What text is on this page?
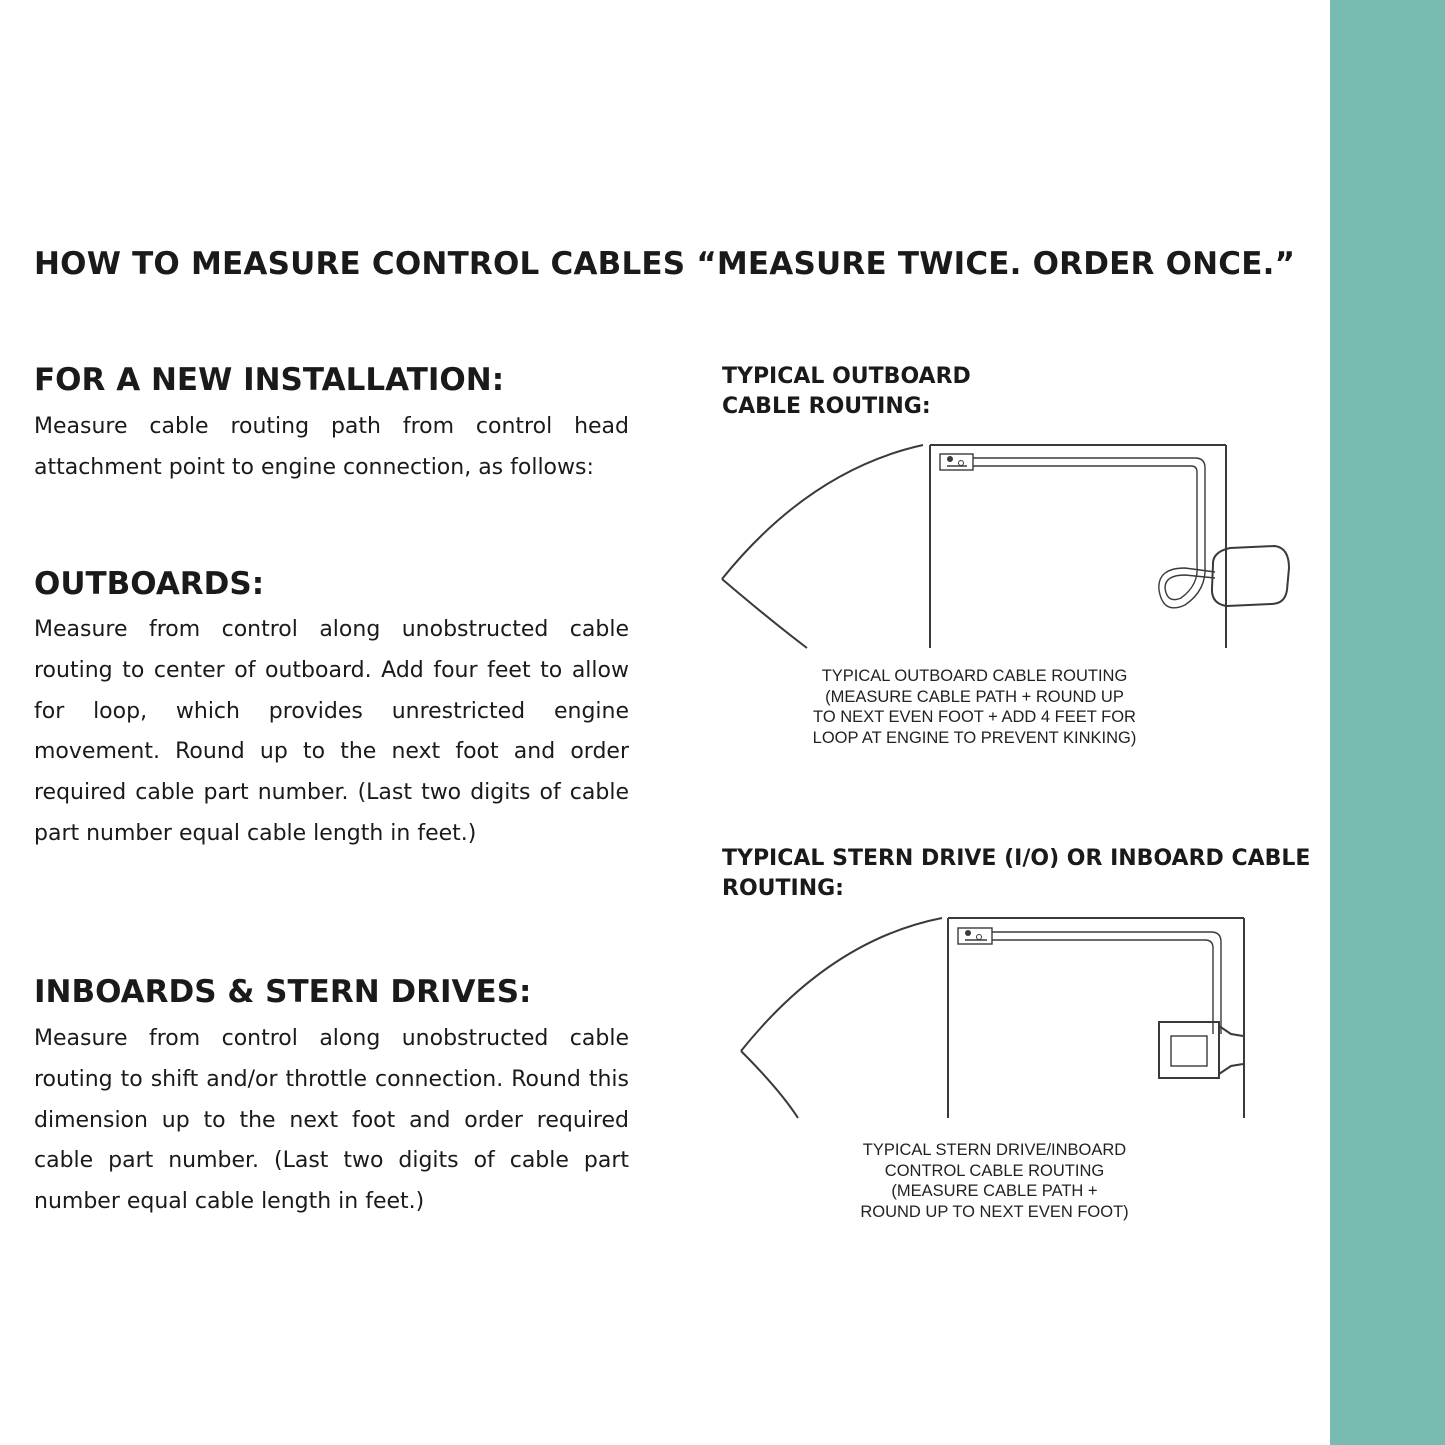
HOW TO MEASURE CONTROL CABLES “MEASURE TWICE. ORDER ONCE.”
FOR A NEW INSTALLATION:

Measure cable routing path from control head attachment point to engine connection, as follows:

OUTBOARDS:

Measure from control along unobstructed cable routing to center of outboard. Add four feet to allow for loop, which provides unrestricted engine movement. Round up to the next foot and order required cable part number. (Last two digits of cable part number equal cable length in feet.)

INBOARDS & STERN DRIVES:

Measure from control along unobstructed cable routing to shift and/or throttle connection. Round this dimension up to the next foot and order required cable part number. (Last two digits of cable part number equal cable length in feet.)

TYPICAL OUTBOARD
CABLE ROUTING:
TYPICAL OUTBOARD CABLE ROUTING
(MEASURE CABLE PATH + ROUND UP
TO NEXT EVEN FOOT + ADD 4 FEET FOR
LOOP AT ENGINE TO PREVENT KINKING)
TYPICAL STERN DRIVE (I/O) OR INBOARD CABLE
ROUTING:
TYPICAL STERN DRIVE/INBOARD
CONTROL CABLE ROUTING
(MEASURE CABLE PATH +
ROUND UP TO NEXT EVEN FOOT)
